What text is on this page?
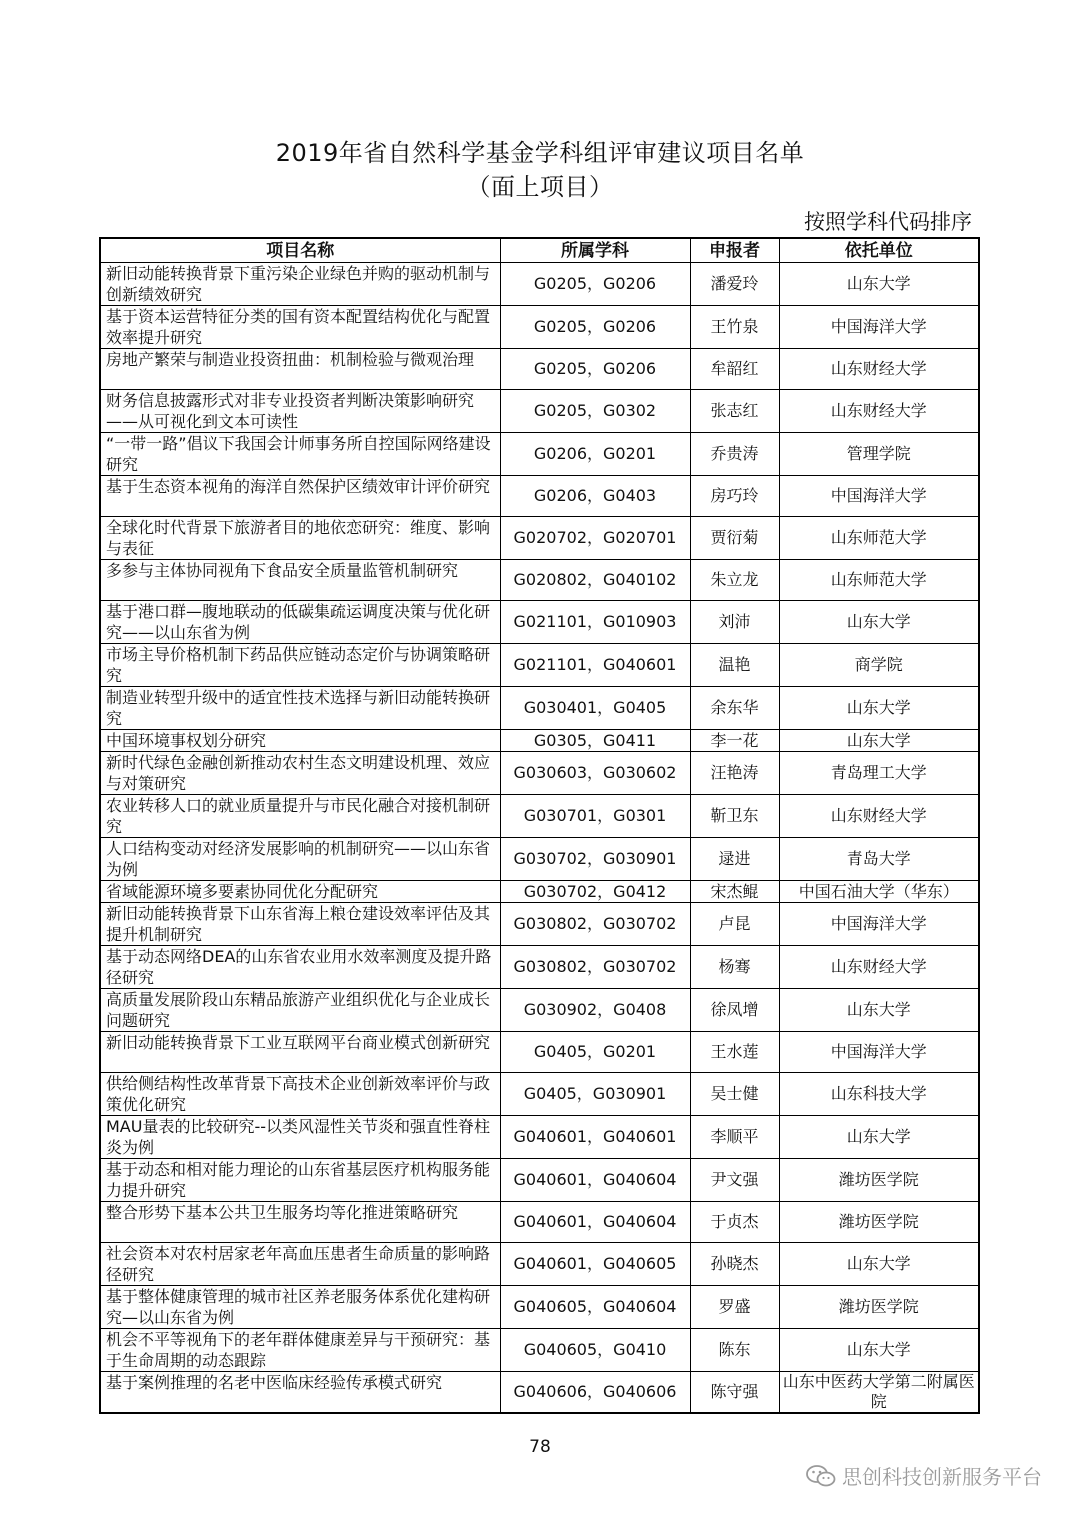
2019年省自然科学基金学科组评审建议项目名单
（面上项目）
按照学科代码排序
项目名称	所属学科	申报者	依托单位
新旧动能转换背景下重污染企业绿色并购的驱动机制与创新绩效研究	G0205，G0206	潘爱玲	山东大学
基于资本运营特征分类的国有资本配置结构优化与配置效率提升研究	G0205，G0206	王竹泉	中国海洋大学
房地产繁荣与制造业投资扭曲：机制检验与微观治理	G0205，G0206	牟韶红	山东财经大学
财务信息披露形式对非专业投资者判断决策影响研究——从可视化到文本可读性	G0205，G0302	张志红	山东财经大学
“一带一路”倡议下我国会计师事务所自控国际网络建设研究	G0206，G0201	乔贵涛	管理学院
基于生态资本视角的海洋自然保护区绩效审计评价研究	G0206，G0403	房巧玲	中国海洋大学
全球化时代背景下旅游者目的地依恋研究：维度、影响与表征	G020702，G020701	贾衍菊	山东师范大学
多参与主体协同视角下食品安全质量监管机制研究	G020802，G040102	朱立龙	山东师范大学
基于港口群—腹地联动的低碳集疏运调度决策与优化研究——以山东省为例	G021101，G010903	刘沛	山东大学
市场主导价格机制下药品供应链动态定价与协调策略研究	G021101，G040601	温艳	商学院
制造业转型升级中的适宜性技术选择与新旧动能转换研究	G030401，G0405	余东华	山东大学
中国环境事权划分研究	G0305，G0411	李一花	山东大学
新时代绿色金融创新推动农村生态文明建设机理、效应与对策研究	G030603，G030602	汪艳涛	青岛理工大学
农业转移人口的就业质量提升与市民化融合对接机制研究	G030701，G0301	靳卫东	山东财经大学
人口结构变动对经济发展影响的机制研究——以山东省为例	G030702，G030901	逯进	青岛大学
省域能源环境多要素协同优化分配研究	G030702，G0412	宋杰鲲	中国石油大学（华东）
新旧动能转换背景下山东省海上粮仓建设效率评估及其提升机制研究	G030802，G030702	卢昆	中国海洋大学
基于动态网络DEA的山东省农业用水效率测度及提升路径研究	G030802，G030702	杨骞	山东财经大学
高质量发展阶段山东精品旅游产业组织优化与企业成长问题研究	G030902，G0408	徐凤增	山东大学
新旧动能转换背景下工业互联网平台商业模式创新研究	G0405，G0201	王水莲	中国海洋大学
供给侧结构性改革背景下高技术企业创新效率评价与政策优化研究	G0405，G030901	吴士健	山东科技大学
MAU量表的比较研究--以类风湿性关节炎和强直性脊柱炎为例	G040601，G040601	李顺平	山东大学
基于动态和相对能力理论的山东省基层医疗机构服务能力提升研究	G040601，G040604	尹文强	潍坊医学院
整合形势下基本公共卫生服务均等化推进策略研究	G040601，G040604	于贞杰	潍坊医学院
社会资本对农村居家老年高血压患者生命质量的影响路径研究	G040601，G040605	孙晓杰	山东大学
基于整体健康管理的城市社区养老服务体系优化建构研究—以山东省为例	G040605，G040604	罗盛	潍坊医学院
机会不平等视角下的老年群体健康差异与干预研究：基于生命周期的动态跟踪	G040605，G0410	陈东	山东大学
基于案例推理的名老中医临床经验传承模式研究	G040606，G040606	陈守强	山东中医药大学第二附属医院
78
思创科技创新服务平台
